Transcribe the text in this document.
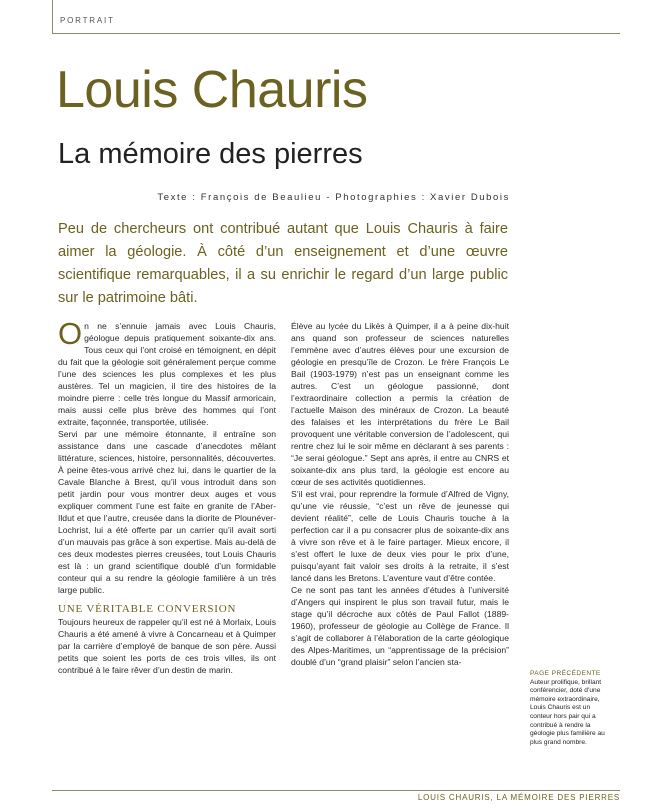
PORTRAIT
Louis Chauris
La mémoire des pierres
Texte : François de Beaulieu - Photographies : Xavier Dubois
Peu de chercheurs ont contribué autant que Louis Chauris à faire aimer la géologie. À côté d’un enseignement et d’une œuvre scientifique remarquables, il a su enrichir le regard d’un large public sur le patrimoine bâti.

On ne s’ennuie jamais avec Louis Chauris, géologue depuis pratiquement soixante-dix ans. Tous ceux qui l’ont croisé en témoignent, en dépit du fait que la géologie soit généralement perçue comme l’une des sciences les plus complexes et les plus austères. Tel un magicien, il tire des histoires de la moindre pierre : celle très longue du Massif armoricain, mais aussi celle plus brève des hommes qui l’ont extraite, façonnée, transportée, utilisée.

Servi par une mémoire étonnante, il entraîne son assistance dans une cascade d’anecdotes mêlant littérature, sciences, histoire, personnalités, découvertes. À peine êtes-vous arrivé chez lui, dans le quartier de la Cavale Blanche à Brest, qu’il vous introduit dans son petit jardin pour vous montrer deux auges et vous expliquer comment l’une est faite en granite de l’Aber-Ildut et que l’autre, creusée dans la diorite de Plounéver-Lochrist, lui a été offerte par un carrier qu’il avait sorti d’un mauvais pas grâce à son expertise. Mais au-delà de ces deux modestes pierres creusées, tout Louis Chauris est là : un grand scientifique doublé d’un formidable conteur qui a su rendre la géologie familière à un très large public.

UNE VÉRITABLE CONVERSION

Toujours heureux de rappeler qu’il est né à Morlaix, Louis Chauris a été amené à vivre à Concarneau et à Quimper par la carrière d’employé de banque de son père. Aussi petits que soient les ports de ces trois villes, ils ont contribué à le faire rêver d’un destin de marin.

Élève au lycée du Likès à Quimper, il a à peine dix-huit ans quand son professeur de sciences naturelles l’emmène avec d’autres élèves pour une excursion de géologie en presqu’île de Crozon. Le frère François Le Bail (1903-1979) n’est pas un enseignant comme les autres. C’est un géologue passionné, dont l’extraordinaire collection a permis la création de l’actuelle Maison des minéraux de Crozon. La beauté des falaises et les interprétations du frère Le Bail provoquent une véritable conversion de l’adolescent, qui rentre chez lui le soir même en déclarant à ses parents : “Je serai géologue.” Sept ans après, il entre au CNRS et soixante-dix ans plus tard, la géologie est encore au cœur de ses activités quotidiennes.

S’il est vrai, pour reprendre la formule d’Alfred de Vigny, qu’une vie réussie, “c’est un rêve de jeunesse qui devient réalité”, celle de Louis Chauris touche à la perfection car il a pu consacrer plus de soixante-dix ans à vivre son rêve et à le faire partager. Mieux encore, il s’est offert le luxe de deux vies pour le prix d’une, puisqu’ayant fait valoir ses droits à la retraite, il s’est lancé dans les Bretons. L’aventure vaut d’être contée.

Ce ne sont pas tant les années d’études à l’université d’Angers qui inspirent le plus son travail futur, mais le stage qu’il décroche aux côtés de Paul Fallot (1889-1960), professeur de géologie au Collège de France. Il s’agit de collaborer à l’élaboration de la carte géologique des Alpes-Maritimes, un “apprentissage de la précision” doublé d’un “grand plaisir” selon l’ancien sta-

PAGE PRÉCÉDENTE
Auteur prolifique, brillant conférencier, doté d’une mémoire extraordinaire, Louis Chauris est un conteur hors pair qui a contribué à rendre la géologie plus familière au plus grand nombre.
LOUIS CHAURIS, LA MÉMOIRE DES PIERRES
